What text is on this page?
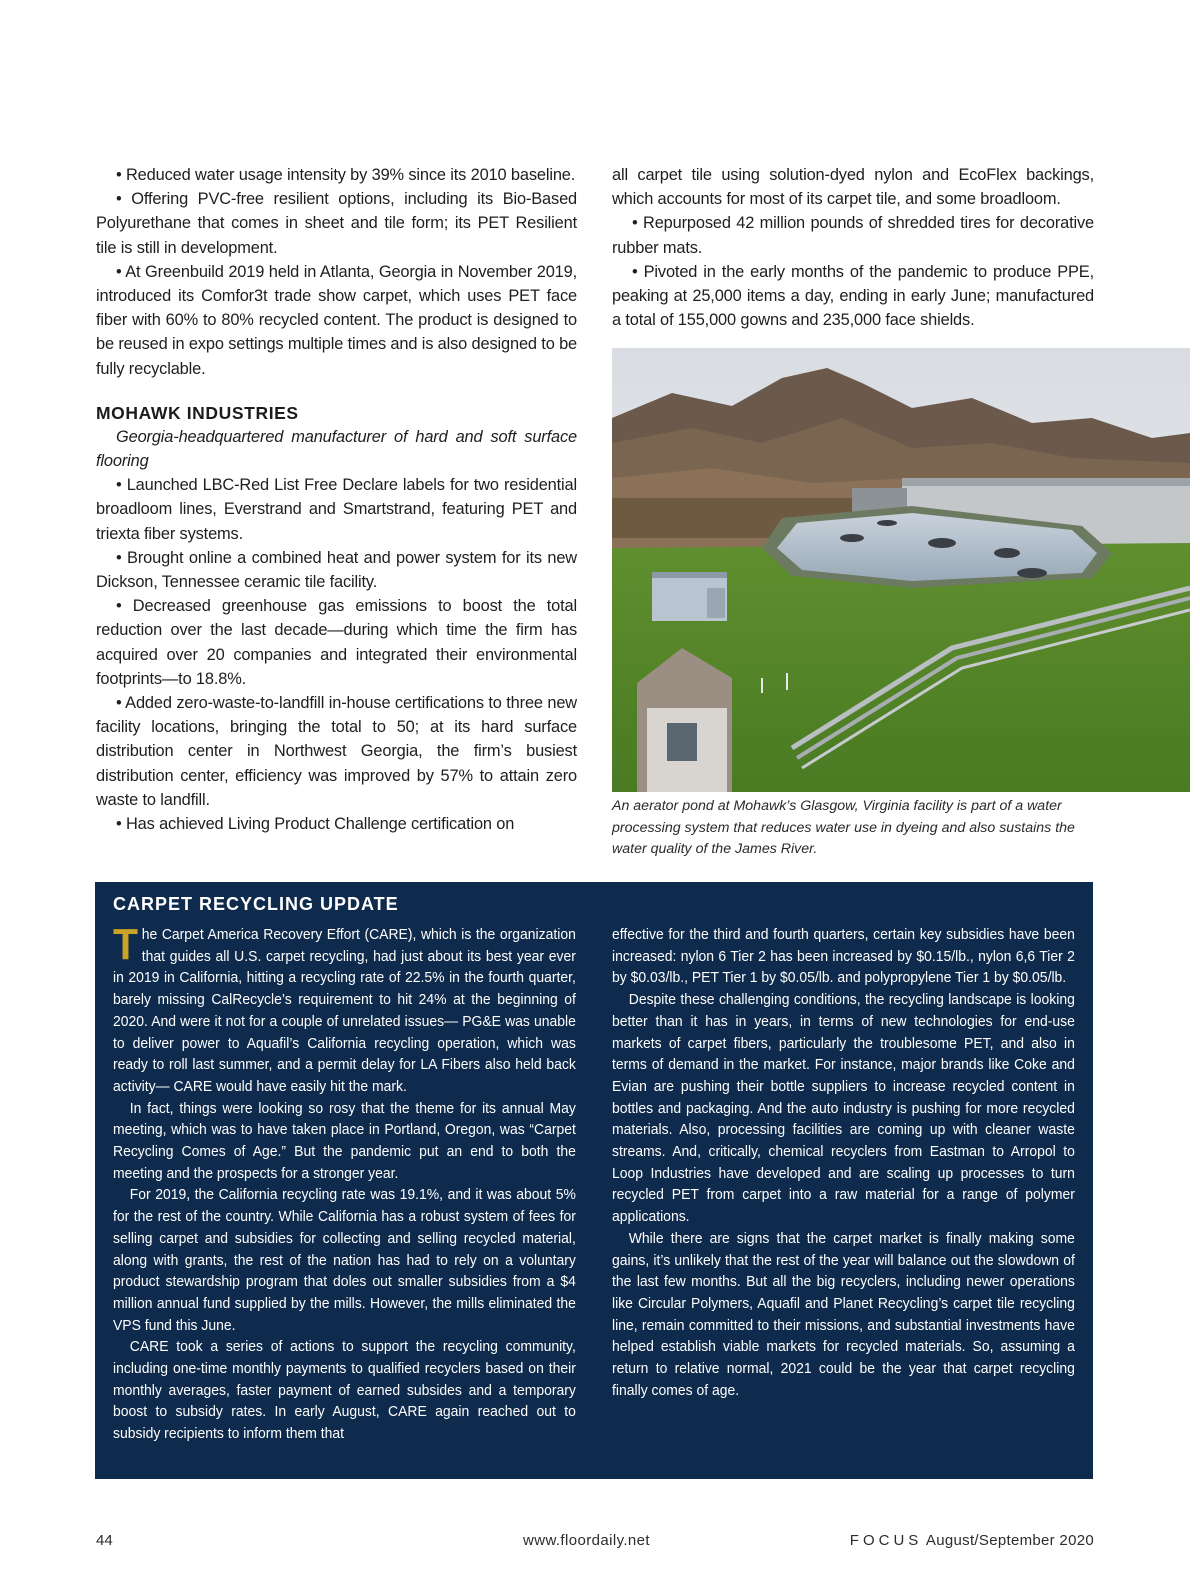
• Reduced water usage intensity by 39% since its 2010 baseline.

• Offering PVC-free resilient options, including its Bio-Based Polyurethane that comes in sheet and tile form; its PET Resilient tile is still in development.

• At Greenbuild 2019 held in Atlanta, Georgia in November 2019, introduced its Comfor3t trade show carpet, which uses PET face fiber with 60% to 80% recycled content. The product is designed to be reused in expo settings multiple times and is also designed to be fully recyclable.

MOHAWK INDUSTRIES

Georgia-headquartered manufacturer of hard and soft surface flooring

• Launched LBC-Red List Free Declare labels for two residential broadloom lines, Everstrand and Smartstrand, featuring PET and triexta fiber systems.

• Brought online a combined heat and power system for its new Dickson, Tennessee ceramic tile facility.

• Decreased greenhouse gas emissions to boost the total reduction over the last decade—during which time the firm has acquired over 20 companies and integrated their environmental footprints—to 18.8%.

• Added zero-waste-to-landfill in-house certifications to three new facility locations, bringing the total to 50; at its hard surface distribution center in Northwest Georgia, the firm’s busiest distribution center, efficiency was improved by 57% to attain zero waste to landfill.

• Has achieved Living Product Challenge certification on

all carpet tile using solution-dyed nylon and EcoFlex backings, which accounts for most of its carpet tile, and some broadloom.

• Repurposed 42 million pounds of shredded tires for decorative rubber mats.

• Pivoted in the early months of the pandemic to produce PPE, peaking at 25,000 items a day, ending in early June; manufactured a total of 155,000 gowns and 235,000 face shields.

An aerator pond at Mohawk’s Glasgow, Virginia facility is part of a water processing system that reduces water use in dyeing and also sustains the water quality of the James River.

CARPET RECYCLING UPDATE

The Carpet America Recovery Effort (CARE), which is the organization that guides all U.S. carpet recycling, had just about its best year ever in 2019 in California, hitting a recycling rate of 22.5% in the fourth quarter, barely missing CalRecycle’s requirement to hit 24% at the beginning of 2020. And were it not for a couple of unrelated issues— PG&E was unable to deliver power to Aquafil’s California recycling operation, which was ready to roll last summer, and a permit delay for LA Fibers also held back activity— CARE would have easily hit the mark.

In fact, things were looking so rosy that the theme for its annual May meeting, which was to have taken place in Portland, Oregon, was “Carpet Recycling Comes of Age.” But the pandemic put an end to both the meeting and the prospects for a stronger year.

For 2019, the California recycling rate was 19.1%, and it was about 5% for the rest of the country. While California has a robust system of fees for selling carpet and subsidies for collecting and selling recycled material, along with grants, the rest of the nation has had to rely on a voluntary product stewardship program that doles out smaller subsidies from a $4 million annual fund supplied by the mills. However, the mills eliminated the VPS fund this June.

CARE took a series of actions to support the recycling community, including one-time monthly payments to qualified recyclers based on their monthly averages, faster payment of earned subsides and a temporary boost to subsidy rates. In early August, CARE again reached out to subsidy recipients to inform them that

effective for the third and fourth quarters, certain key subsidies have been increased: nylon 6 Tier 2 has been increased by $0.15/lb., nylon 6,6 Tier 2 by $0.03/lb., PET Tier 1 by $0.05/lb. and polypropylene Tier 1 by $0.05/lb.

Despite these challenging conditions, the recycling landscape is looking better than it has in years, in terms of new technologies for end-use markets of carpet fibers, particularly the troublesome PET, and also in terms of demand in the market. For instance, major brands like Coke and Evian are pushing their bottle suppliers to increase recycled content in bottles and packaging. And the auto industry is pushing for more recycled materials. Also, processing facilities are coming up with cleaner waste streams. And, critically, chemical recyclers from Eastman to Arropol to Loop Industries have developed and are scaling up processes to turn recycled PET from carpet into a raw material for a range of polymer applications.

While there are signs that the carpet market is finally making some gains, it’s unlikely that the rest of the year will balance out the slowdown of the last few months. But all the big recyclers, including newer operations like Circular Polymers, Aquafil and Planet Recycling’s carpet tile recycling line, remain committed to their missions, and substantial investments have helped establish viable markets for recycled materials. So, assuming a return to relative normal, 2021 could be the year that carpet recycling finally comes of age.

44	www.floordaily.net	FOCUS August/September 2020
